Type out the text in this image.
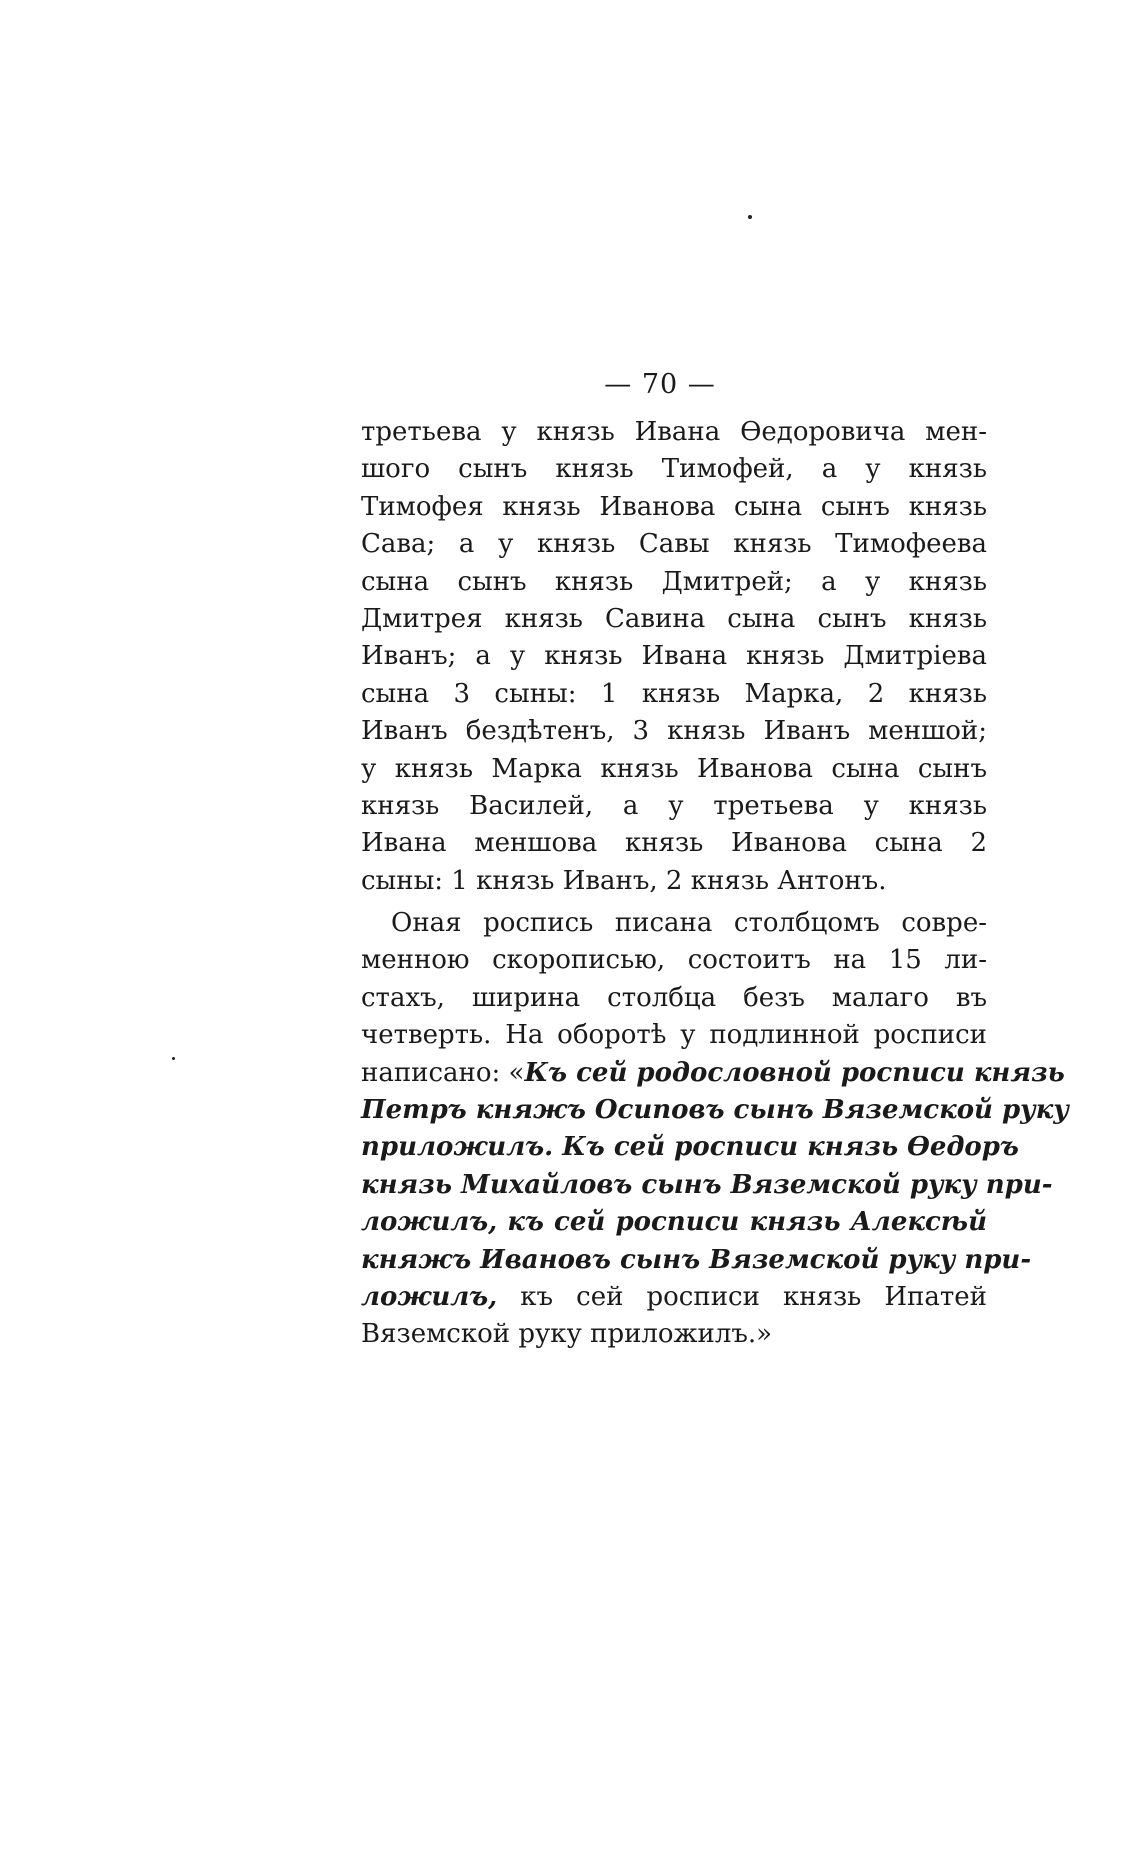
— 70 —
третьева у князь Ивана Ѳедоровича мен-
шого сынъ князь Тимофей, а у князь
Тимофея князь Иванова сына сынъ князь
Сава; а у князь Савы князь Тимофеева
сына сынъ князь Дмитрей; а у князь
Дмитрея князь Савина сына сынъ князь
Иванъ; а у князь Ивана князь Дмитріева
сына 3 сыны: 1 князь Марка, 2 князь
Иванъ бездѣтенъ, 3 князь Иванъ меншой;
у князь Марка князь Иванова сына сынъ
князь Василей, а у третьева у князь
Ивана меншова князь Иванова сына 2
сыны: 1 князь Иванъ, 2 князь Антонъ.
Оная роспись писана столбцомъ совре-
менною скорописью, состоитъ на 15 ли-
стахъ, ширина столбца безъ малаго въ
четверть. На оборотѣ у подлинной росписи
написано: «Къ сей родословной росписи князь
Петръ княжъ Осиповъ сынъ Вяземской руку
приложилъ. Къ сей росписи князь Ѳедоръ
князь Михайловъ сынъ Вяземской руку при-
ложилъ, къ сей росписи князь Алексѣй
княжъ Ивановъ сынъ Вяземской руку при-
ложилъ, къ сей росписи князь Ипатей
Вяземской руку приложилъ.»
